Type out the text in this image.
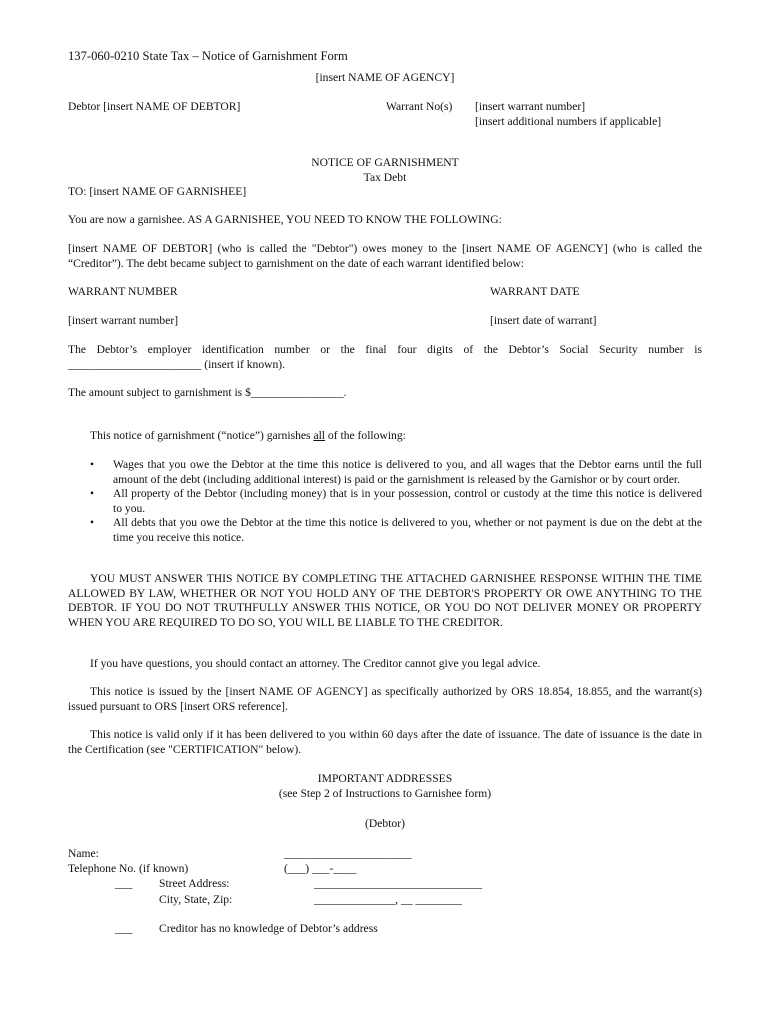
137-060-0210 State Tax – Notice of Garnishment Form
[insert NAME OF AGENCY]
Debtor [insert NAME OF DEBTOR]	Warrant No(s) [insert warrant number]
[insert additional numbers if applicable]
NOTICE OF GARNISHMENT
Tax Debt
TO: [insert NAME OF GARNISHEE]
You are now a garnishee. AS A GARNISHEE, YOU NEED TO KNOW THE FOLLOWING:
[insert NAME OF DEBTOR] (who is called the "Debtor") owes money to the [insert NAME OF AGENCY] (who is called the “Creditor”). The debt became subject to garnishment on the date of each warrant identified below:
WARRANT NUMBER	WARRANT DATE
[insert warrant number]	[insert date of warrant]
The Debtor’s employer identification number or the final four digits of the Debtor’s Social Security number is _______________________ (insert if known).
The amount subject to garnishment is $________________.
This notice of garnishment (“notice”) garnishes all of the following:
• Wages that you owe the Debtor at the time this notice is delivered to you, and all wages that the Debtor earns until the full amount of the debt (including additional interest) is paid or the garnishment is released by the Garnishor or by court order.
• All property of the Debtor (including money) that is in your possession, control or custody at the time this notice is delivered to you.
• All debts that you owe the Debtor at the time this notice is delivered to you, whether or not payment is due on the debt at the time you receive this notice.
YOU MUST ANSWER THIS NOTICE BY COMPLETING THE ATTACHED GARNISHEE RESPONSE WITHIN THE TIME ALLOWED BY LAW, WHETHER OR NOT YOU HOLD ANY OF THE DEBTOR'S PROPERTY OR OWE ANYTHING TO THE DEBTOR. IF YOU DO NOT TRUTHFULLY ANSWER THIS NOTICE, OR YOU DO NOT DELIVER MONEY OR PROPERTY WHEN YOU ARE REQUIRED TO DO SO, YOU WILL BE LIABLE TO THE CREDITOR.
If you have questions, you should contact an attorney. The Creditor cannot give you legal advice.
This notice is issued by the [insert NAME OF AGENCY] as specifically authorized by ORS 18.854, 18.855, and the warrant(s) issued pursuant to ORS [insert ORS reference].
This notice is valid only if it has been delivered to you within 60 days after the date of issuance. The date of issuance is the date in the Certification (see "CERTIFICATION" below).
IMPORTANT ADDRESSES
(see Step 2 of Instructions to Garnishee form)
(Debtor)
Name:	______________________
Telephone No. (if known)	(___) ___-____
___ Street Address:	_____________________________
City, State, Zip:	______________, __ ________
___ Creditor has no knowledge of Debtor’s address
